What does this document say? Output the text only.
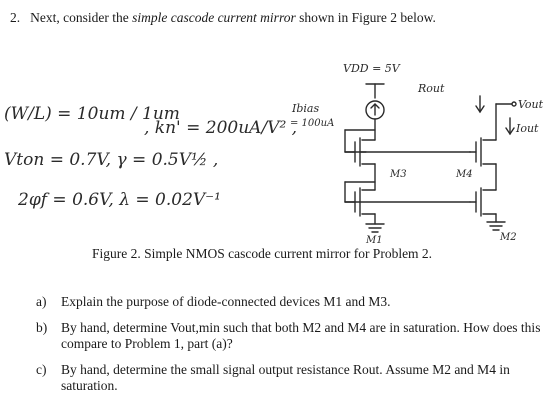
2. Next, consider the simple cascode current mirror shown in Figure 2 below.
(W/L) = 10um / 1um
, kn' = 200uA/V² ,
Vton = 0.7V, γ = 0.5V½ ,
2φf = 0.6V, λ = 0.02V⁻¹
VDD = 5V
Ibias
= 100uA
Rout
Vout
Iout
M1	M2
M3	M4
Figure 2. Simple NMOS cascode current mirror for Problem 2.
a) Explain the purpose of diode-connected devices M1 and M3.
b) By hand, determine Vout,min such that both M2 and M4 are in saturation. How does this compare to Problem 1, part (a)?
c) By hand, determine the small signal output resistance Rout. Assume M2 and M4 in saturation.
